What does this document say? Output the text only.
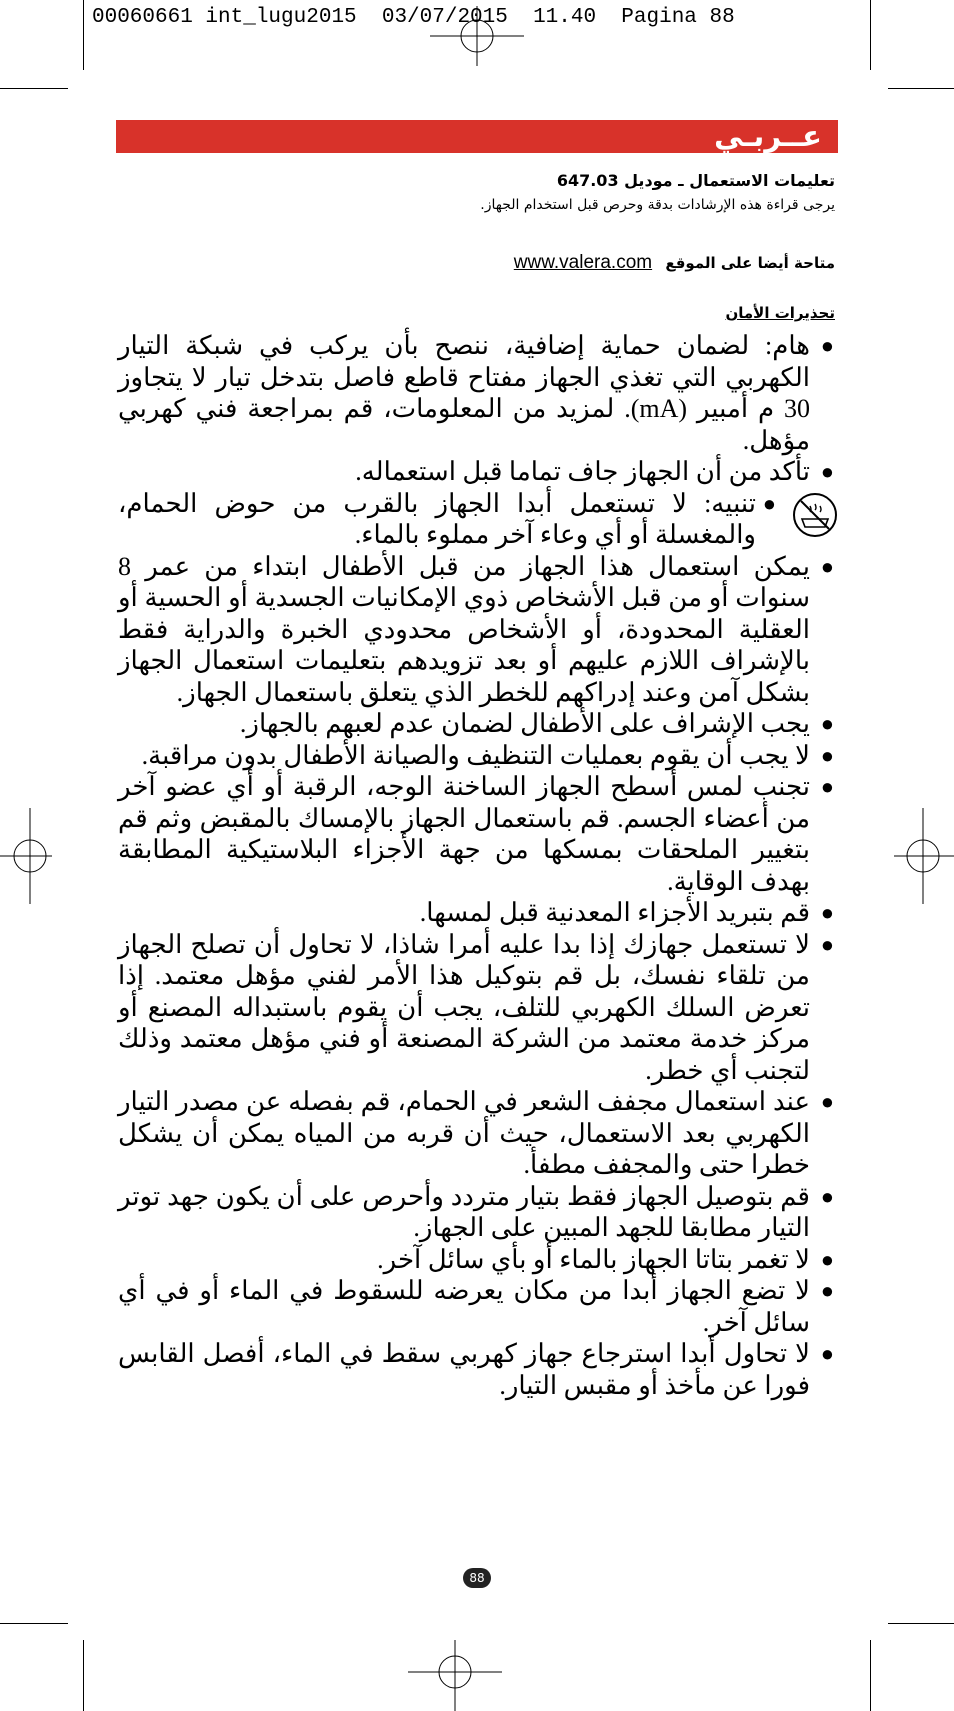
00060661 int_lugu2015  03/07/2015  11.40  Pagina 88
عــربـي
تعليمات الاستعمال ـ موديل 647.03
يرجى قراءة هذه الإرشادات بدقة وحرص قبل استخدام الجهاز.
متاحة أيضا على الموقع www.valera.com
تحذيرات الأمان
●
هام: لضمان حماية إضافية، ننصح بأن يركب في شبكة التيار الكهربي التي تغذي الجهاز مفتاح قاطع فاصل بتدخل تيار لا يتجاوز 30 م أمبير (mA). لمزيد من المعلومات، قم بمراجعة فني كهربي مؤهل.
●
تأكد من أن الجهاز جاف تماما قبل استعماله.
●
تنبيه: لا تستعمل أبدا الجهاز بالقرب من حوض الحمام، والمغسلة أو أي وعاء آخر مملوء بالماء.
●
يمكن استعمال هذا الجهاز من قبل الأطفال ابتداء من عمر 8 سنوات أو من قبل الأشخاص ذوي الإمكانيات الجسدية أو الحسية أو العقلية المحدودة، أو الأشخاص محدودي الخبرة والدراية فقط بالإشراف اللازم عليهم أو بعد تزويدهم بتعليمات استعمال الجهاز بشكل آمن وعند إدراكهم للخطر الذي يتعلق باستعمال الجهاز.
●
يجب الإشراف على الأطفال لضمان عدم لعبهم بالجهاز.
●
لا يجب أن يقوم بعمليات التنظيف والصيانة الأطفال بدون مراقبة.
●
تجنب لمس أسطح الجهاز الساخنة الوجه، الرقبة أو أي عضو آخر من أعضاء الجسم. قم باستعمال الجهاز بالإمساك بالمقبض وثم قم بتغيير الملحقات بمسكها من جهة الأجزاء البلاستيكية المطابقة بهدف الوقاية.
●
قم بتبريد الأجزاء المعدنية قبل لمسها.
●
لا تستعمل جهازك إذا بدا عليه أمرا شاذا، لا تحاول أن تصلح الجهاز من تلقاء نفسك، بل قم بتوكيل هذا الأمر لفني مؤهل معتمد. إذا تعرض السلك الكهربي للتلف، يجب أن يقوم باستبداله المصنع أو مركز خدمة معتمد من الشركة المصنعة أو فني مؤهل معتمد وذلك لتجنب أي خطر.
●
عند استعمال مجفف الشعر في الحمام، قم بفصله عن مصدر التيار الكهربي بعد الاستعمال، حيث أن قربه من المياه يمكن أن يشكل خطرا حتى والمجفف مطفأ.
●
قم بتوصيل الجهاز فقط بتيار متردد وأحرص على أن يكون جهد توتر التيار مطابقا للجهد المبين على الجهاز.
●
لا تغمر بتاتا الجهاز بالماء أو بأي سائل آخر.
●
لا تضع الجهاز أبدا من مكان يعرضه للسقوط في الماء أو في أي سائل آخر.
●
لا تحاول أبدا استرجاع جهاز كهربي سقط في الماء، أفصل القابس فورا عن مأخذ أو مقبس التيار.
88
